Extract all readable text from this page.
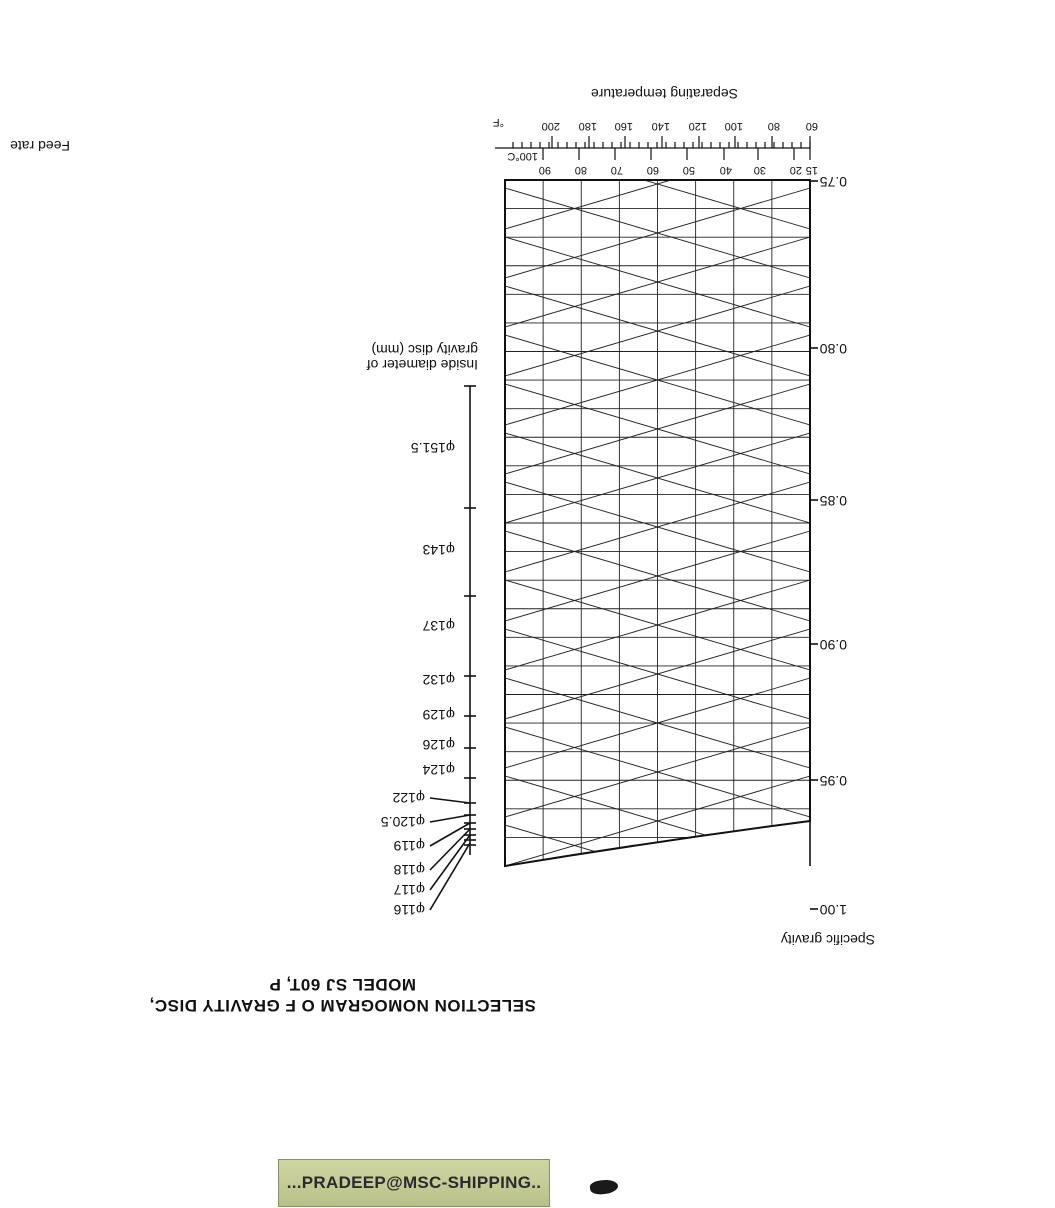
SELECTION NOMOGRAM O F GRAVITY DISC,
MODEL SJ 60T, P
Feed rate
Specific gravity
Separating temperature
100°C
°F
Inside diameter of
gravity disc (mm)
0.75
0.80
0.85
0.90
0.95
1.00
15
20
30
40
50
60
70
80
90
60
80
100
120
140
160
180
200
φ151.5
φ143
φ137
φ132
φ129
φ126
φ124
φ122
φ120.5
φ119
φ118
φ117
φ116
...PRADEEP@MSC-SHIPPING..
